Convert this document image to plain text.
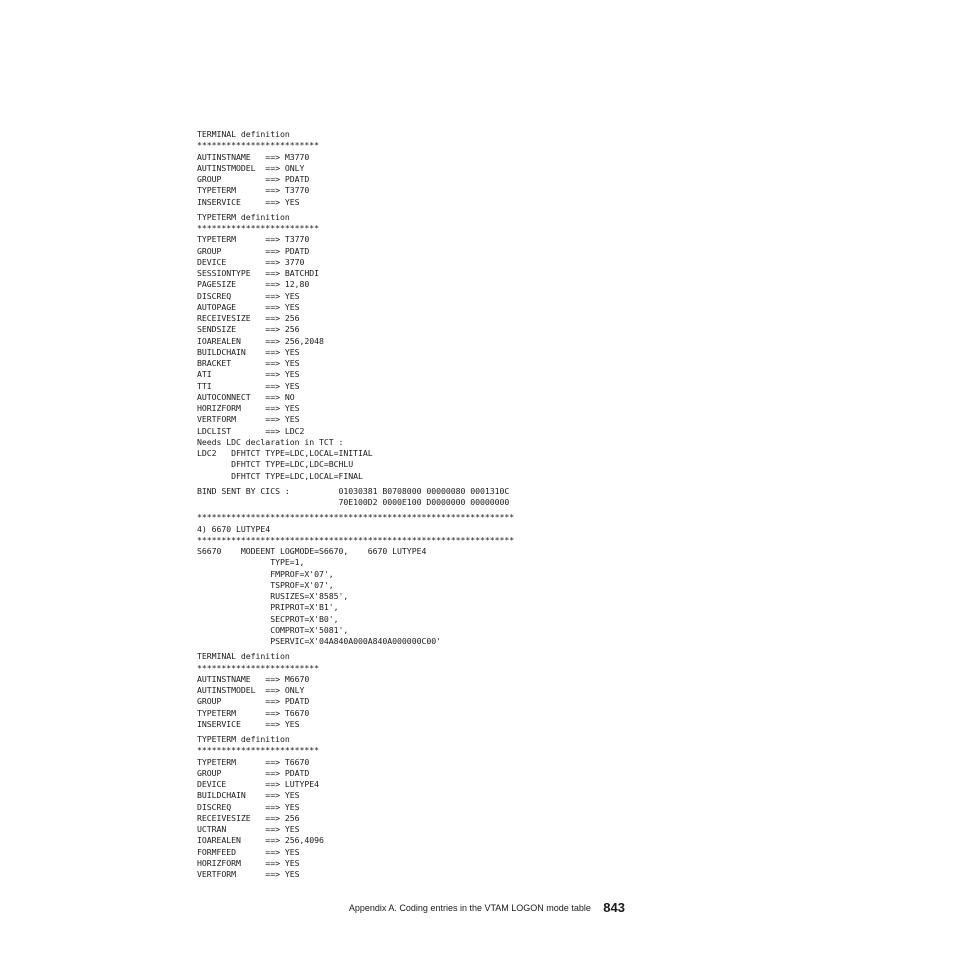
TERMINAL definition
*************************
AUTINSTNAME   ==> M3770
AUTINSTMODEL  ==> ONLY
GROUP         ==> PDATD
TYPETERM      ==> T3770
INSERVICE     ==> YES
TYPETERM definition
*************************
TYPETERM      ==> T3770
GROUP         ==> PDATD
DEVICE        ==> 3770
SESSIONTYPE   ==> BATCHDI
PAGESIZE      ==> 12,80
DISCREQ       ==> YES
AUTOPAGE      ==> YES
RECEIVESIZE   ==> 256
SENDSIZE      ==> 256
IOAREALEN     ==> 256,2048
BUILDCHAIN    ==> YES
BRACKET       ==> YES
ATI           ==> YES
TTI           ==> YES
AUTOCONNECT   ==> NO
HORIZFORM     ==> YES
VERTFORM      ==> YES
LDCLIST       ==> LDC2
Needs LDC declaration in TCT :
LDC2   DFHTCT TYPE=LDC,LOCAL=INITIAL
DFHTCT TYPE=LDC,LDC=BCHLU
DFHTCT TYPE=LDC,LOCAL=FINAL
BIND SENT BY CICS :          01030381 B0708000 00000080 0001310C
70E100D2 0000E100 D0000000 00000000
*****************************************************************
4) 6670 LUTYPE4
*****************************************************************
S6670    MODEENT LOGMODE=S6670,    6670 LUTYPE4
TYPE=1,
FMPROF=X'07',
TSPROF=X'07',
RUSIZES=X'8585',
PRIPROT=X'B1',
SECPROT=X'B0',
COMPROT=X'5081',
PSERVIC=X'04A840A000A840A000000C00'
TERMINAL definition
*************************
AUTINSTNAME   ==> M6670
AUTINSTMODEL  ==> ONLY
GROUP         ==> PDATD
TYPETERM      ==> T6670
INSERVICE     ==> YES
TYPETERM definition
*************************
TYPETERM      ==> T6670
GROUP         ==> PDATD
DEVICE        ==> LUTYPE4
BUILDCHAIN    ==> YES
DISCREQ       ==> YES
RECEIVESIZE   ==> 256
UCTRAN        ==> YES
IOAREALEN     ==> 256,4096
FORMFEED      ==> YES
HORIZFORM     ==> YES
VERTFORM      ==> YES
Appendix A. Coding entries in the VTAM LOGON mode table 843
